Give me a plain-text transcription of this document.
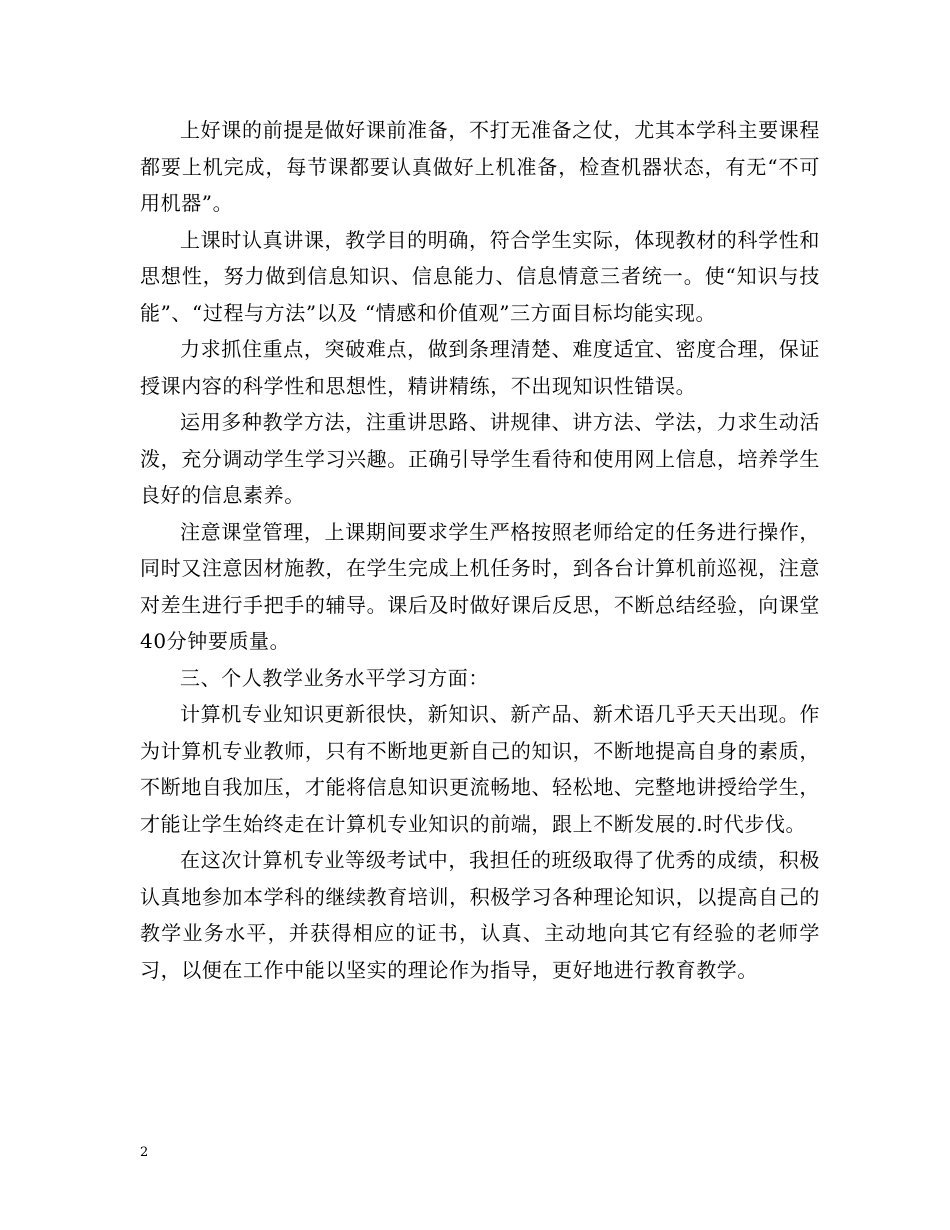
上好课的前提是做好课前准备，不打无准备之仗，尤其本学科主要课程都要上机完成，每节课都要认真做好上机准备，检查机器状态，有无“不可用机器”。

上课时认真讲课，教学目的明确，符合学生实际，体现教材的科学性和思想性，努力做到信息知识、信息能力、信息情意三者统一。使“知识与技能”、“过程与方法”以及 “情感和价值观”三方面目标均能实现。

力求抓住重点，突破难点，做到条理清楚、难度适宜、密度合理，保证授课内容的科学性和思想性，精讲精练，不出现知识性错误。

运用多种教学方法，注重讲思路、讲规律、讲方法、学法，力求生动活泼，充分调动学生学习兴趣。正确引导学生看待和使用网上信息，培养学生良好的信息素养。

注意课堂管理，上课期间要求学生严格按照老师给定的任务进行操作，同时又注意因材施教，在学生完成上机任务时，到各台计算机前巡视，注意对差生进行手把手的辅导。课后及时做好课后反思，不断总结经验，向课堂40分钟要质量。

三、个人教学业务水平学习方面：

计算机专业知识更新很快，新知识、新产品、新术语几乎天天出现。作为计算机专业教师，只有不断地更新自己的知识，不断地提高自身的素质，不断地自我加压，才能将信息知识更流畅地、轻松地、完整地讲授给学生，才能让学生始终走在计算机专业知识的前端，跟上不断发展的.时代步伐。

在这次计算机专业等级考试中，我担任的班级取得了优秀的成绩，积极认真地参加本学科的继续教育培训，积极学习各种理论知识，以提高自己的教学业务水平，并获得相应的证书，认真、主动地向其它有经验的老师学习，以便在工作中能以坚实的理论作为指导，更好地进行教育教学。

2
